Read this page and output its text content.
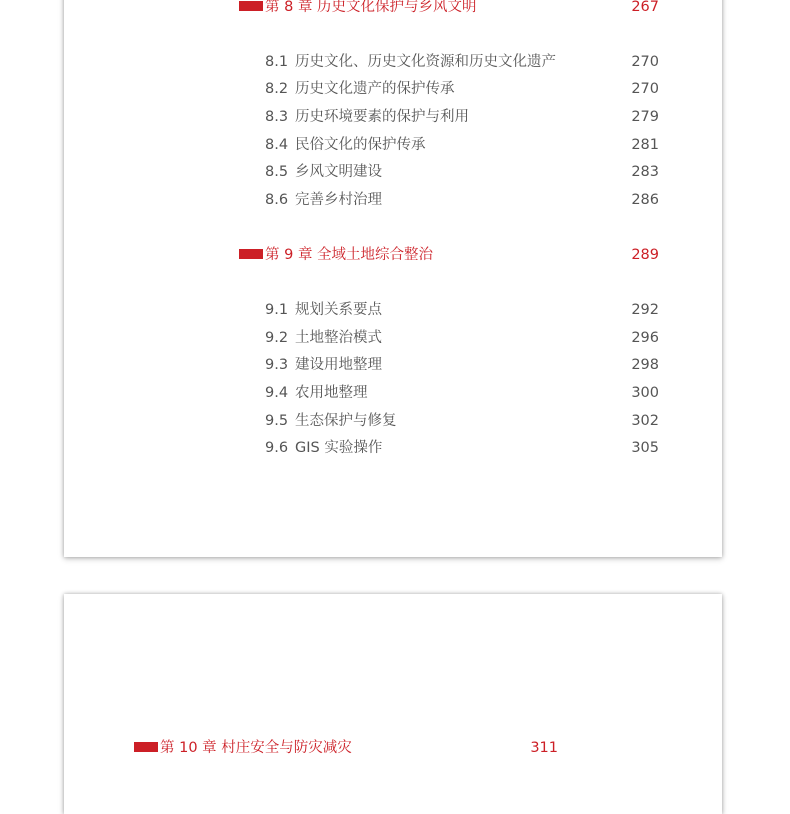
第 8 章 历史文化保护与乡风文明	267
8.1 历史文化、历史文化资源和历史文化遗产	270
8.2 历史文化遗产的保护传承	270
8.3 历史环境要素的保护与利用	279
8.4 民俗文化的保护传承	281
8.5 乡风文明建设	283
8.6 完善乡村治理	286
第 9 章 全域土地综合整治	289
9.1 规划关系要点	292
9.2 土地整治模式	296
9.3 建设用地整理	298
9.4 农用地整理	300
9.5 生态保护与修复	302
9.6 GIS 实验操作	305
第 10 章 村庄安全与防灾减灾	311
